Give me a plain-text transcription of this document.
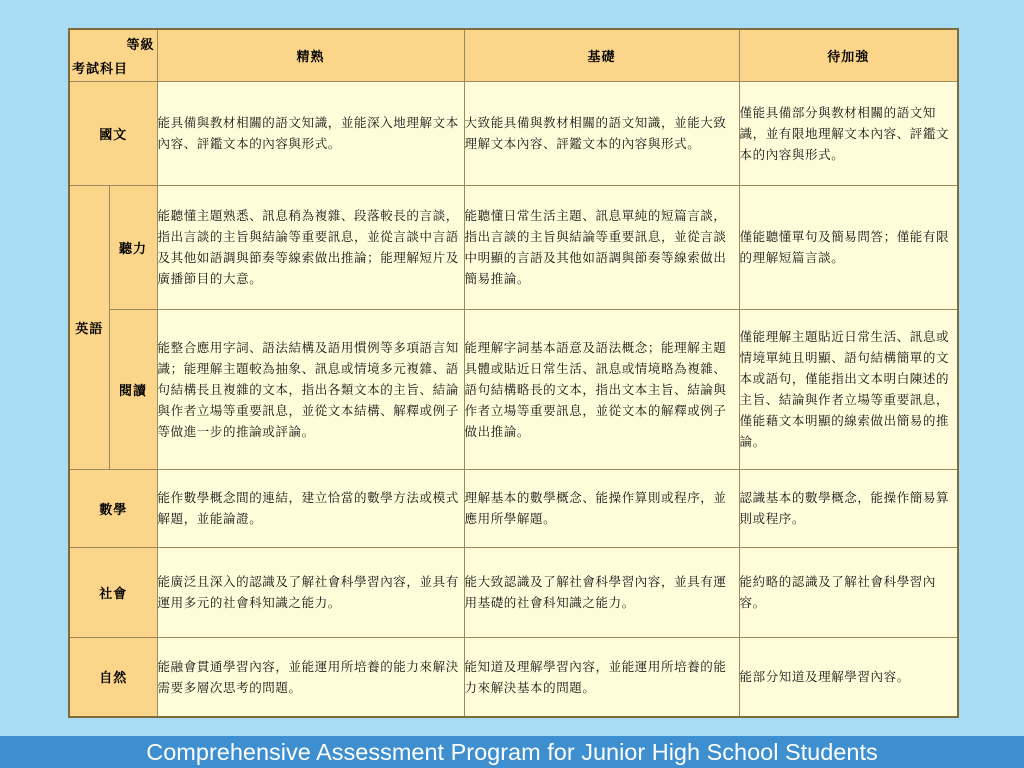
等級
考試科目		精熟	基礎	待加強
國文		能具備與教材相關的語文知識，並能深入地理解文本內容、評鑑文本的內容與形式。	大致能具備與教材相關的語文知識，並能大致理解文本內容、評鑑文本的內容與形式。	僅能具備部分與教材相關的語文知識，並有限地理解文本內容、評鑑文本的內容與形式。
英語	聽力	能聽懂主題熟悉、訊息稍為複雜、段落較長的言談，指出言談的主旨與結論等重要訊息，並從言談中言語及其他如語調與節奏等線索做出推論；能理解短片及廣播節目的大意。	能聽懂日常生活主題、訊息單純的短篇言談，指出言談的主旨與結論等重要訊息，並從言談中明顯的言語及其他如語調與節奏等線索做出簡易推論。	僅能聽懂單句及簡易問答；僅能有限的理解短篇言談。
	閱讀	能整合應用字詞、語法結構及語用慣例等多項語言知識；能理解主題較為抽象、訊息或情境多元複雜、語句結構長且複雜的文本，指出各類文本的主旨、結論與作者立場等重要訊息，並從文本結構、解釋或例子等做進一步的推論或評論。	能理解字詞基本語意及語法概念；能理解主題具體或貼近日常生活、訊息或情境略為複雜、語句結構略長的文本，指出文本主旨、結論與作者立場等重要訊息，並從文本的解釋或例子做出推論。	僅能理解主題貼近日常生活、訊息或情境單純且明顯、語句結構簡單的文本或語句，僅能指出文本明白陳述的主旨、結論與作者立場等重要訊息，僅能藉文本明顯的線索做出簡易的推論。
數學		能作數學概念間的連結，建立恰當的數學方法或模式解題，並能論證。	理解基本的數學概念、能操作算則或程序，並應用所學解題。	認識基本的數學概念，能操作簡易算則或程序。
社會		能廣泛且深入的認識及了解社會科學習內容，並具有運用多元的社會科知識之能力。	能大致認識及了解社會科學習內容，並具有運用基礎的社會科知識之能力。	能約略的認識及了解社會科學習內容。
自然		能融會貫通學習內容，並能運用所培養的能力來解決需要多層次思考的問題。	能知道及理解學習內容，並能運用所培養的能力來解決基本的問題。	能部分知道及理解學習內容。
Comprehensive Assessment Program for Junior High School Students
